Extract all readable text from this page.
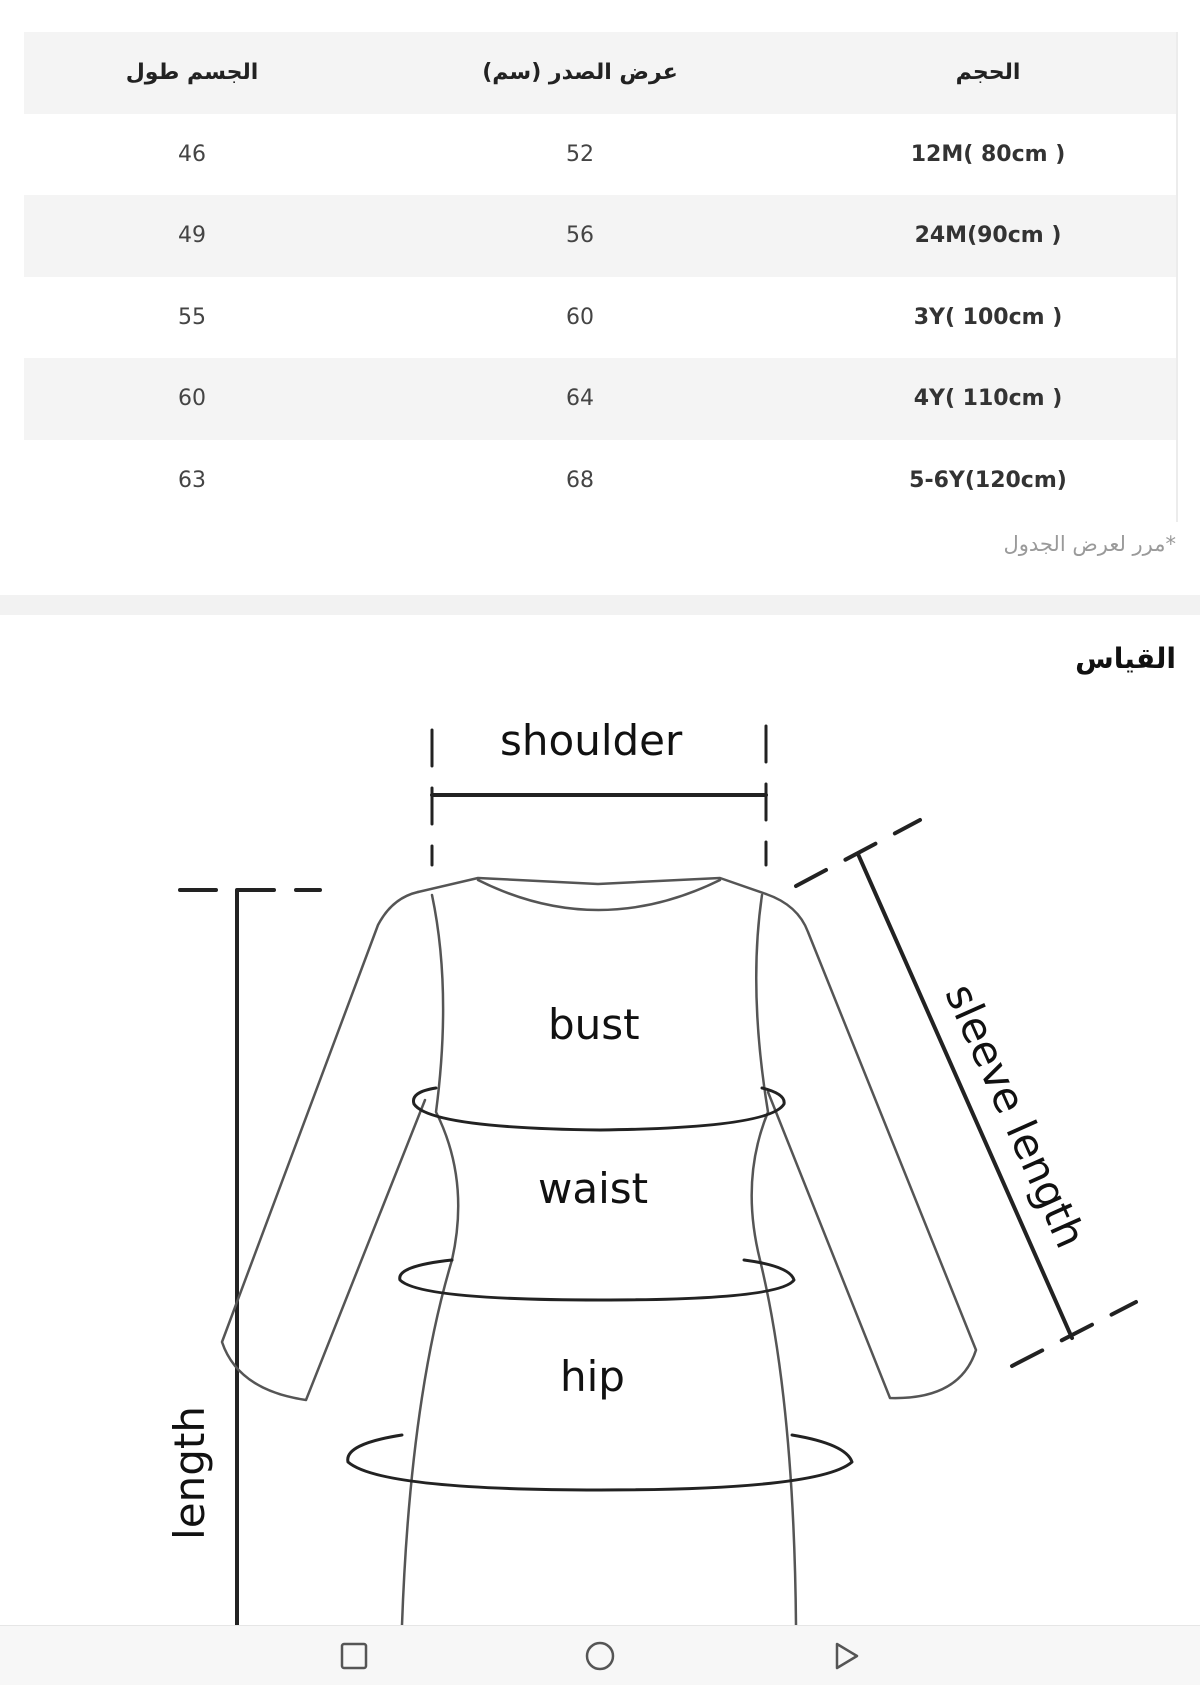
الجسم طول	عرض الصدر (سم)	الحجم
46	52	12M( 80cm )
49	56	24M(90cm )
55	60	3Y( 100cm )
60	64	4Y( 110cm )
63	68	5-6Y(120cm)
*مرر لعرض الجدول
القياس
shoulder
bust
waist
hip
length
sleeve length
